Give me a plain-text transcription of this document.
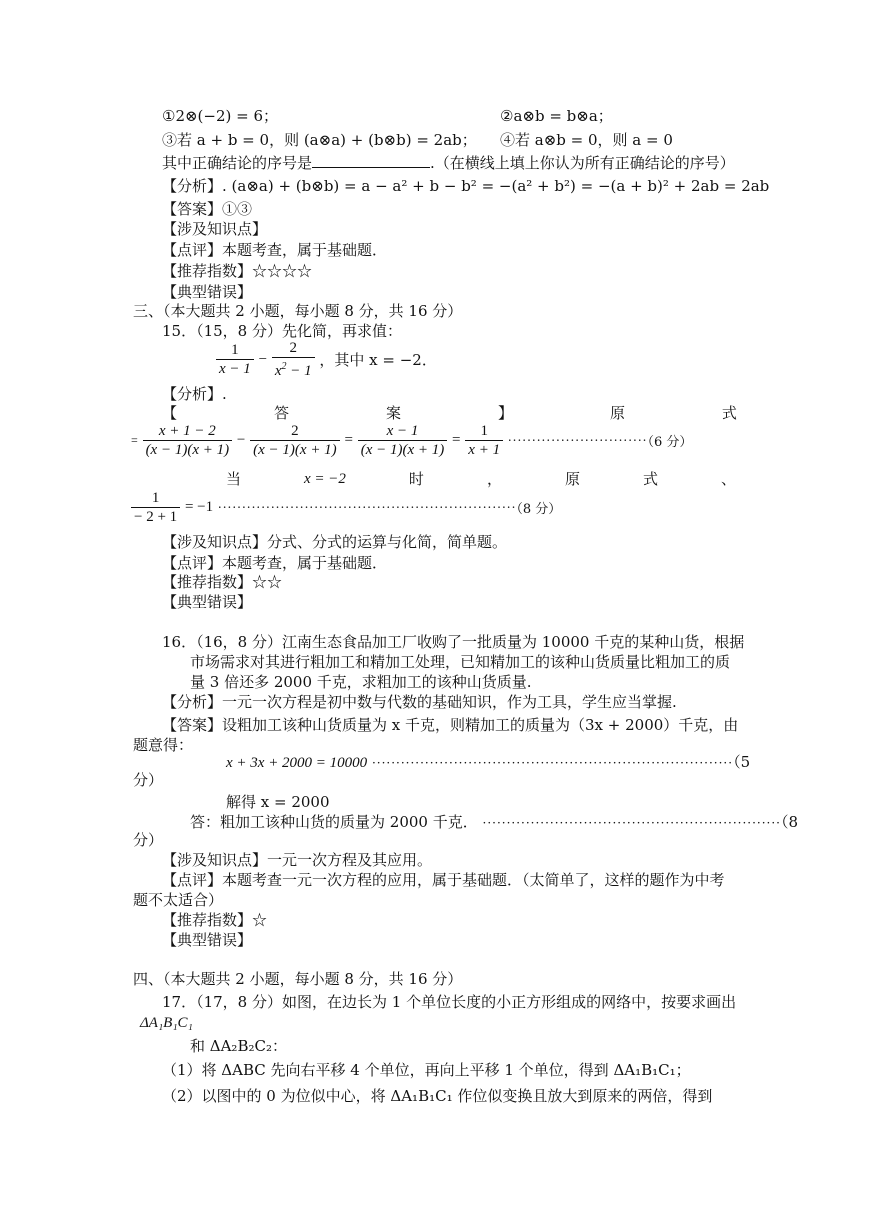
①2⊗(−2) = 6；	②a⊗b = b⊗a；
③若 a + b = 0，则 (a⊗a) + (b⊗b) = 2ab； ④若 a⊗b = 0，则 a = 0
其中正确结论的序号是	.（在横线上填上你认为所有正确结论的序号）
【分析】. (a⊗a) + (b⊗b) = a − a² + b − b² = −(a² + b²) = −(a + b)² + 2ab = 2ab
【答案】①③
【涉及知识点】
【点评】本题考查，属于基础题．
【推荐指数】☆☆☆☆
【典型错误】
三、（本大题共 2 小题，每小题 8 分，共 16 分）
15．（15，8 分）先化简，再求值：
$\frac{1}{x - 1} - \frac{2}{x^2 - 1}$ ，其中 x = −2．
【分析】.
【	答	案	】	原	式
= $\frac{x + 1 - 2}{(x - 1)(x + 1)} - \frac{2}{(x - 1)(x + 1)} = \frac{x - 1}{(x - 1)(x + 1)} = \frac{1}{x + 1} \cdot\cdot\cdot\cdot\cdot\cdot\cdot\cdot\cdot\cdot\cdot\cdot\cdot\cdot\cdot\cdot\cdot\cdot\cdot\cdot\cdot\cdot\cdot\cdot\cdot\cdot\cdot\cdot\cdot(6$ 分）
当	x = −2	时	，	原	式	、
$\frac{1}{- 2 + 1} = -1 \cdot\cdot\cdot\cdot\cdot\cdot\cdot\cdot\cdot\cdot\cdot\cdot\cdot\cdot\cdot\cdot\cdot\cdot\cdot\cdot\cdot\cdot\cdot\cdot\cdot\cdot\cdot\cdot\cdot\cdot\cdot\cdot\cdot\cdot\cdot\cdot\cdot\cdot\cdot\cdot\cdot\cdot\cdot\cdot\cdot\cdot\cdot\cdot\cdot\cdot\cdot\cdot\cdot\cdot\cdot\cdot\cdot\cdot\cdot\cdot\cdot\cdot(8$ 分）
【涉及知识点】分式、分式的运算与化简，简单题。
【点评】本题考查，属于基础题．
【推荐指数】☆☆
【典型错误】
16．（16，8 分）江南生态食品加工厂收购了一批质量为 10000 千克的某种山货，根据
市场需求对其进行粗加工和精加工处理，已知精加工的该种山货质量比粗加工的质
量 3 倍还多 2000 千克，求粗加工的该种山货质量.
【分析】一元一次方程是初中数与代数的基础知识，作为工具，学生应当掌握.
【答案】设粗加工该种山货质量为 x 千克，则精加工的质量为（3x + 2000）千克，由
题意得：
x + 3x + 2000 = 10000 ···········································································（5
分）
解得 x = 2000
答：粗加工该种山货的质量为 2000 千克． ······························································（8
分）
【涉及知识点】一元一次方程及其应用。
【点评】本题考查一元一次方程的应用，属于基础题．（太简单了，这样的题作为中考
题不太适合）
【推荐指数】☆
【典型错误】
四、（本大题共 2 小题，每小题 8 分，共 16 分）
17．（17，8 分）如图，在边长为 1 个单位长度的小正方形组成的网络中，按要求画出
ΔA₁B₁C₁
和 ΔA₂B₂C₂：
（1）将 ΔABC 先向右平移 4 个单位，再向上平移 1 个单位，得到 ΔA₁B₁C₁；
（2）以图中的 0 为位似中心，将 ΔA₁B₁C₁ 作位似变换且放大到原来的两倍，得到
